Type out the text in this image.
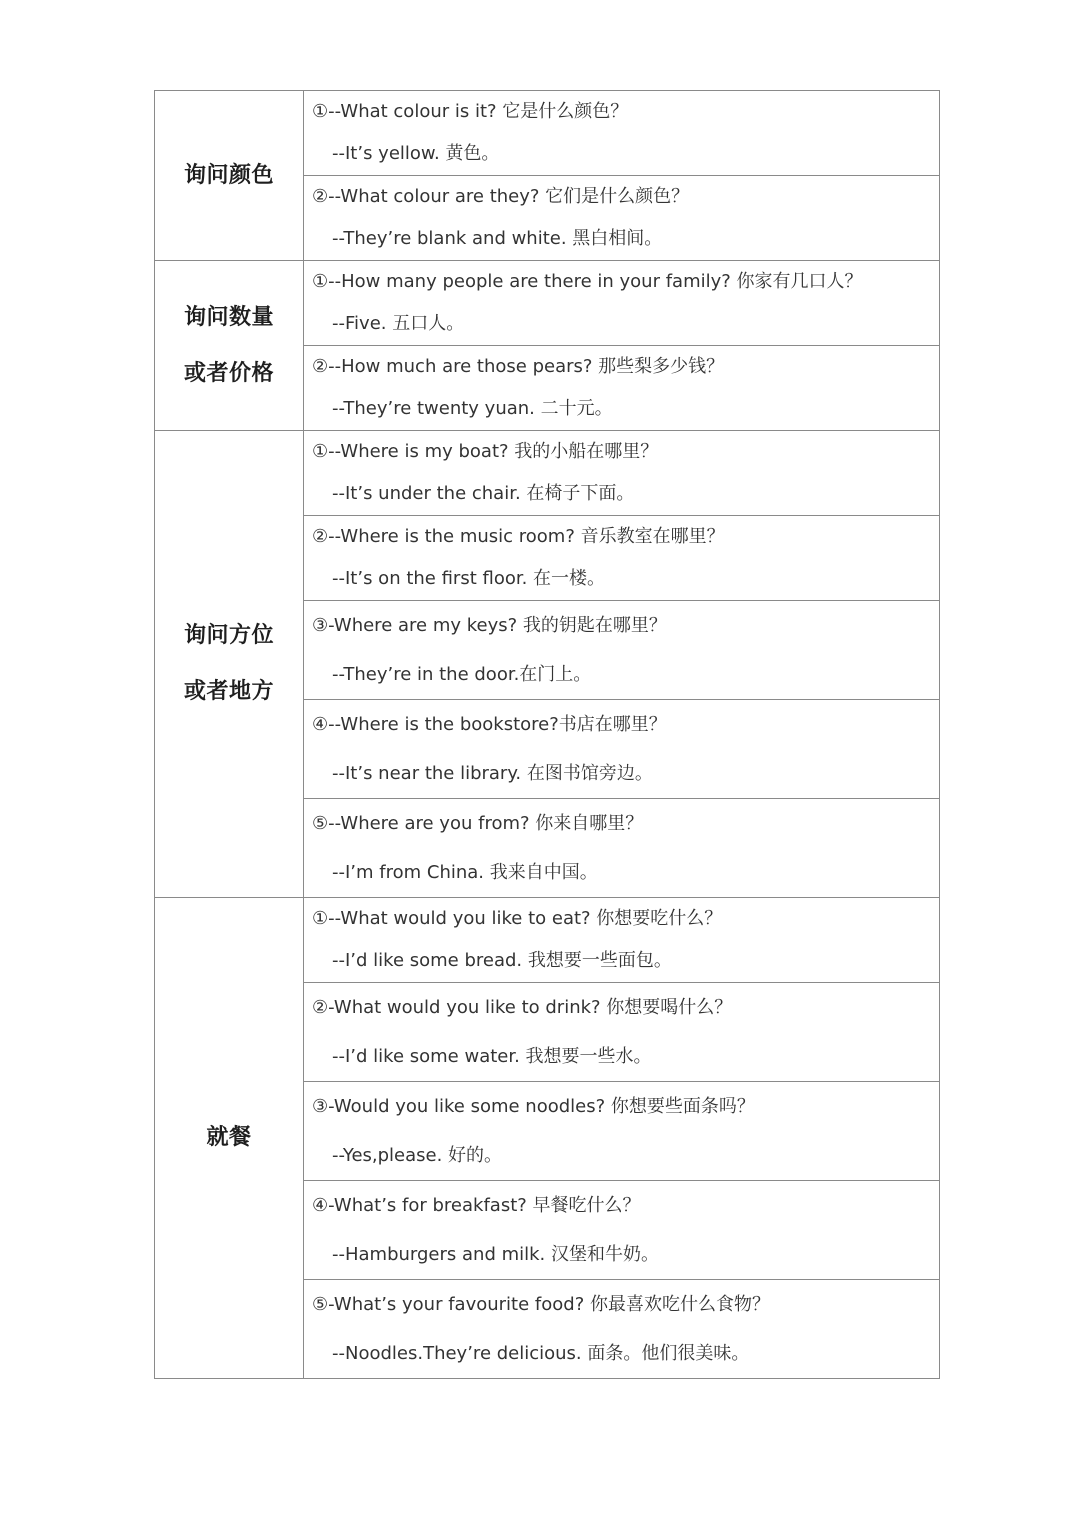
询问颜色	①--What colour is it? 它是什么颜色？
--It’s yellow. 黄色。

	②--What colour are they? 它们是什么颜色？
--They’re blank and white. 黑白相间。

询问数量
或者价格	①--How many people are there in your family? 你家有几口人？
--Five. 五口人。

	②--How much are those pears? 那些梨多少钱？
--They’re twenty yuan. 二十元。

询问方位
或者地方	①--Where is my boat? 我的小船在哪里？
--It’s under the chair. 在椅子下面。

	②--Where is the music room? 音乐教室在哪里？
--It’s on the first floor. 在一楼。

	③-Where are my keys? 我的钥匙在哪里？
--They’re in the door.在门上。

	④--Where is the bookstore?书店在哪里？
--It’s near the library. 在图书馆旁边。

	⑤--Where are you from? 你来自哪里？
--I’m from China. 我来自中国。

就餐	①--What would you like to eat? 你想要吃什么？
--I’d like some bread. 我想要一些面包。

	②-What would you like to drink? 你想要喝什么？
--I’d like some water. 我想要一些水。

	③-Would you like some noodles? 你想要些面条吗？
--Yes,please. 好的。

	④-What’s for breakfast? 早餐吃什么？
--Hamburgers and milk. 汉堡和牛奶。

	⑤-What’s your favourite food? 你最喜欢吃什么食物？
--Noodles.They’re delicious. 面条。他们很美味。
